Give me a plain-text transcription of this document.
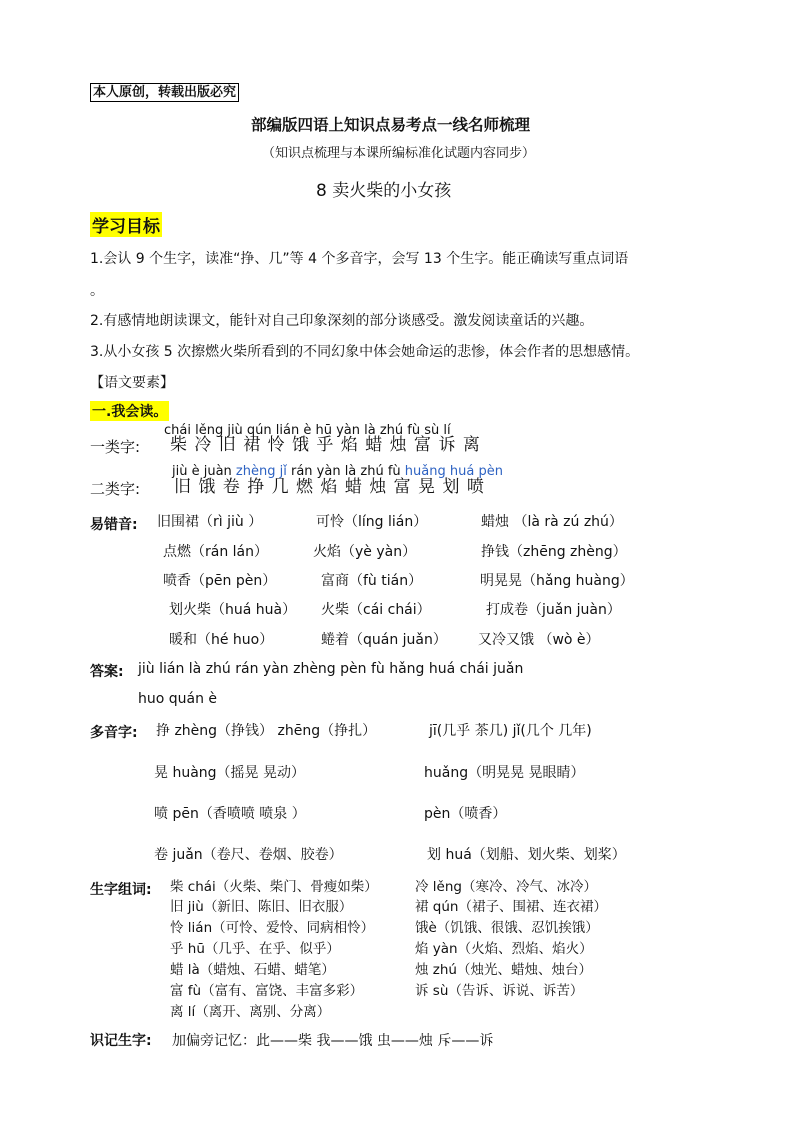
本人原创，转载出版必究
部编版四语上知识点易考点一线名师梳理
（知识点梳理与本课所编标准化试题内容同步）
8 卖火柴的小女孩
学习目标
1.会认 9 个生字，读准“挣、几”等 4 个多音字，会写 13 个生字。能正确读写重点词语
。
2.有感情地朗读课文，能针对自己印象深刻的部分谈感受。激发阅读童话的兴趣。
3.从小女孩 5 次擦燃火柴所看到的不同幻象中体会她命运的悲惨，体会作者的思想感情。
【语文要素】
一.我会读。
一类字:
chái lěng jiù qún lián è hū yàn là zhú fù sù lí
柴 冷 旧 裙 怜 饿 乎 焰 蜡 烛 富 诉 离
二类字:
jiù è juàn zhèng jǐ rán yàn là zhú fù huǎng huá pèn
旧 饿 卷 挣 几 燃 焰 蜡 烛 富 晃 划 喷
易错音: 旧围裙（rì jiù ）	可怜（líng lián）	蜡烛 （là rà zú zhú）
点燃（rán lán）	火焰（yè yàn）	挣钱（zhēng zhèng）
喷香（pēn pèn）	富商（fù tián）	明晃晃（hǎng huàng）
划火柴（huá huà） 火柴（cái chái）	打成卷（juǎn juàn）
暖和（hé huo）	蜷着（quán juǎn） 又冷又饿 （wò è）
答案: jiù lián là zhú rán yàn zhèng pèn fù hǎng huá chái juǎn
huo quán è
多音字: 挣 zhèng（挣钱） zhēng（挣扎）	jī(几乎 茶几) jǐ(几个 几年)
晃 huàng（摇晃 晃动）	huǎng（明晃晃 晃眼睛）
喷 pēn（香喷喷 喷泉 ）	pèn（喷香）
卷 juǎn（卷尺、卷烟、胶卷）	划 huá（划船、划火柴、划桨）
生字组词: 柴 chái（火柴、柴门、骨瘦如柴）	冷 lěng（寒冷、冷气、冰冷）
旧 jiù（新旧、陈旧、旧衣服）	裙 qún（裙子、围裙、连衣裙）
怜 lián（可怜、爱怜、同病相怜）	饿è（饥饿、很饿、忍饥挨饿）
乎 hū（几乎、在乎、似乎）	焰 yàn（火焰、烈焰、焰火）
蜡 là（蜡烛、石蜡、蜡笔）	烛 zhú（烛光、蜡烛、烛台）
富 fù（富有、富饶、丰富多彩）	诉 sù（告诉、诉说、诉苦）
离 lí（离开、离别、分离）
识记生字: 加偏旁记忆：此——柴 我——饿 虫——烛 斥——诉
